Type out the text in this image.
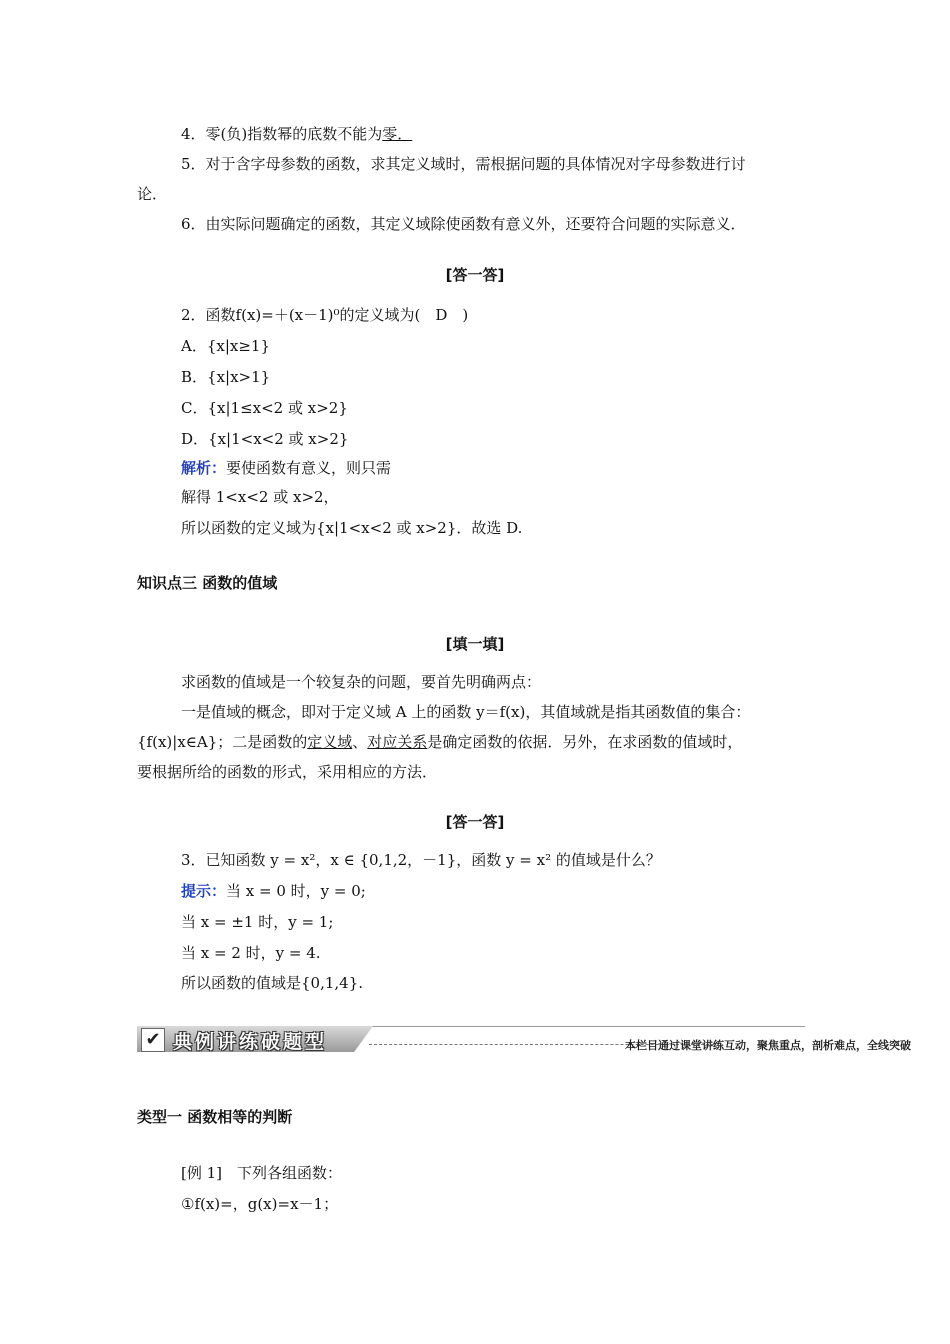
4．零(负)指数幂的底数不能为零．
5．对于含字母参数的函数，求其定义域时，需根据问题的具体情况对字母参数进行讨
论．
6．由实际问题确定的函数，其定义域除使函数有意义外，还要符合问题的实际意义．
[答一答]
2．函数f(x)=＋(x－1)⁰的定义域为(　D　)
A．{x|x≥1}
B．{x|x>1}
C．{x|1≤x<2 或 x>2}
D．{x|1<x<2 或 x>2}
解析：要使函数有意义，则只需
解得 1<x<2 或 x>2，
所以函数的定义域为{x|1<x<2 或 x>2}．故选 D.
知识点三 函数的值域
[填一填]
求函数的值域是一个较复杂的问题，要首先明确两点：
一是值域的概念，即对于定义域 A 上的函数 y＝f(x)，其值域就是指其函数值的集合：
{f(x)|x∈A}；二是函数的定义域、对应关系是确定函数的依据．另外，在求函数的值域时，
要根据所给的函数的形式，采用相应的方法．
[答一答]
3．已知函数 y = x²，x ∈ {0,1,2，－1}，函数 y = x² 的值域是什么？
提示：当 x = 0 时，y = 0;
当 x = ±1 时，y = 1;
当 x = 2 时，y = 4.
所以函数的值域是{0,1,4}.
✔ 典例讲练破题型	本栏目通过课堂讲练互动，聚焦重点，剖析难点，全线突破
类型一 函数相等的判断
[例 1]　下列各组函数：
①f(x)=，g(x)=x－1；
